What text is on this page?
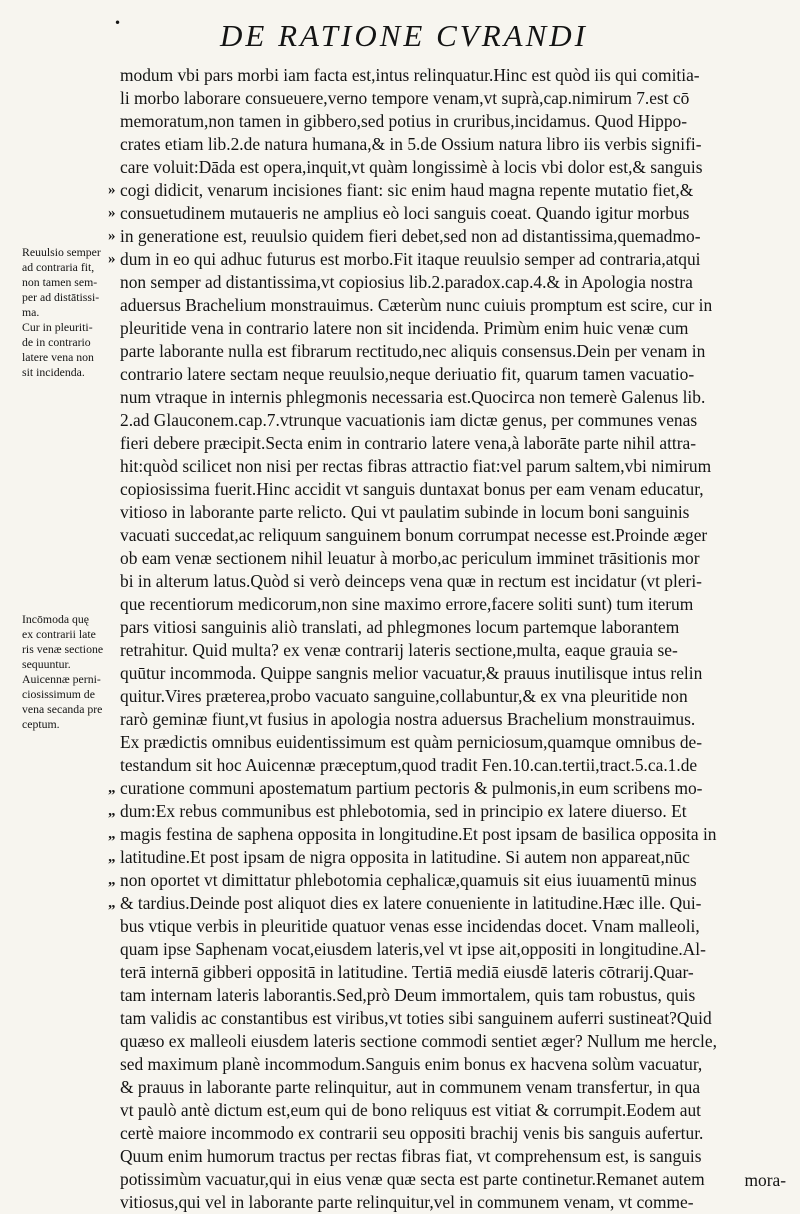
•	DE RATIONE CVRANDI
modum vbi pars morbi iam facta est,intus relinquatur.Hinc est quòd iis qui comitia-
li morbo laborare consueuere,verno tempore venam,vt suprà,cap.nimirum 7.est cō
memoratum,non tamen in gibbero,sed potius in cruribus,incidamus. Quod Hippo-
crates etiam lib.2.de natura humana,& in 5.de Ossium natura libro iis verbis signifi-
care voluit:Dāda est opera,inquit,vt quàm longissimè à locis vbi dolor est,& sanguis
» cogi didicit, venarum incisiones fiant: sic enim haud magna repente mutatio fiet,&
» consuetudinem mutaueris ne amplius eò loci sanguis coeat. Quando igitur morbus
» in generatione est, reuulsio quidem fieri debet,sed non ad distantissima,quemadmo-
» dum in eo qui adhuc futurus est morbo.Fit itaque reuulsio semper ad contraria,atqui
non semper ad distantissima,vt copiosius lib.2.paradox.cap.4.& in Apologia nostra
aduersus Brachelium monstrauimus. Cæterùm nunc cuiuis promptum est scire, cur in
pleuritide vena in contrario latere non sit incidenda. Primùm enim huic venæ cum
parte laborante nulla est fibrarum rectitudo,nec aliquis consensus.Dein per venam in
contrario latere sectam neque reuulsio,neque deriuatio fit, quarum tamen vacuatio-
num vtraque in internis phlegmonis necessaria est.Quocirca non temerè Galenus lib.
2.ad Glauconem.cap.7.vtrunque vacuationis iam dictæ genus, per communes venas
fieri debere præcipit.Secta enim in contrario latere vena,à laborāte parte nihil attra-
hit:quòd scilicet non nisi per rectas fibras attractio fiat:vel parum saltem,vbi nimirum
copiosissima fuerit.Hinc accidit vt sanguis duntaxat bonus per eam venam educatur,
vitioso in laborante parte relicto. Qui vt paulatim subinde in locum boni sanguinis
vacuati succedat,ac reliquum sanguinem bonum corrumpat necesse est.Proinde æger
ob eam venæ sectionem nihil leuatur à morbo,ac periculum imminet trāsitionis mor
bi in alterum latus.Quòd si verò deinceps vena quæ in rectum est incidatur (vt pleri-
que recentiorum medicorum,non sine maximo errore,facere soliti sunt) tum iterum
pars vitiosi sanguinis aliò translati, ad phlegmones locum partemque laborantem
retrahitur. Quid multa? ex venæ contrarij lateris sectione,multa, eaque grauia se-
quūtur incommoda. Quippe sangnis melior vacuatur,& prauus inutilisque intus relin
quitur.Vires præterea,probo vacuato sanguine,collabuntur,& ex vna pleuritide non
rarò geminæ fiunt,vt fusius in apologia nostra aduersus Brachelium monstrauimus.
Ex prædictis omnibus euidentissimum est quàm perniciosum,quamque omnibus de-
testandum sit hoc Auicennæ præceptum,quod tradit Fen.10.can.tertii,tract.5.ca.1.de
„ curatione communi apostematum partium pectoris & pulmonis,in eum scribens mo-
„ dum:Ex rebus communibus est phlebotomia, sed in principio ex latere diuerso. Et
„ magis festina de saphena opposita in longitudine.Et post ipsam de basilica opposita in
„ latitudine.Et post ipsam de nigra opposita in latitudine. Si autem non appareat,nūc
„ non oportet vt dimittatur phlebotomia cephalicæ,quamuis sit eius iuuamentū minus
„ & tardius.Deinde post aliquot dies ex latere conueniente in latitudine.Hæc ille. Qui-
bus vtique verbis in pleuritide quatuor venas esse incidendas docet. Vnam malleoli,
quam ipse Saphenam vocat,eiusdem lateris,vel vt ipse ait,oppositi in longitudine.Al-
terā internā gibberi oppositā in latitudine. Tertiā mediā eiusdē lateris cōtrarij.Quar-
tam internam lateris laborantis.Sed,prò Deum immortalem, quis tam robustus, quis
tam validis ac constantibus est viribus,vt toties sibi sanguinem auferri sustineat?Quid
quæso ex malleoli eiusdem lateris sectione commodi sentiet æger? Nullum me hercle,
sed maximum planè incommodum.Sanguis enim bonus ex hacvena solùm vacuatur,
& prauus in laborante parte relinquitur, aut in communem venam transfertur, in qua
vt paulò antè dictum est,eum qui de bono reliquus est vitiat & corrumpit.Eodem aut
certè maiore incommodo ex contrarii seu oppositi brachij venis bis sanguis aufertur.
Quum enim humorum tractus per rectas fibras fiat, vt comprehensum est, is sanguis
potissimùm vacuatur,qui in eius venæ quæ secta est parte continetur.Remanet autem
vitiosus,qui vel in laborante parte relinquitur,vel in communem venam, vt comme-
Reuulsio semper
ad contraria fit,
non tamen sem-
per ad distātissi-
ma.
Cur in pleuriti-
de in contrario
latere vena non
sit incidenda.
Incōmoda quę
ex contrarii late
ris venæ sectione
sequuntur.
Auicennæ perni-
ciosissimum de
vena secanda pre
ceptum.
mora-
